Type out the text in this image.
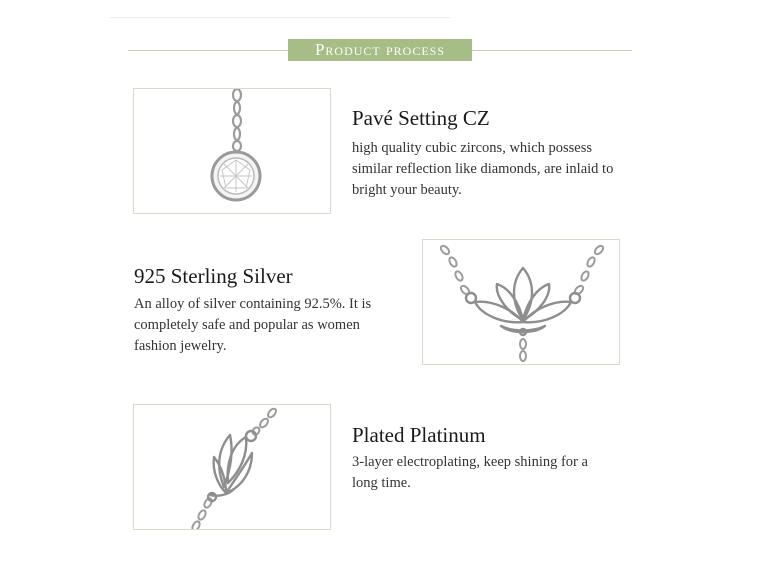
Product process
Pavé Setting CZ
high quality cubic zircons, which possess similar reflection like diamonds, are inlaid to bright your beauty.
925 Sterling Silver
An alloy of silver containing 92.5%. It is completely safe and popular as women fashion jewelry.
Plated Platinum
3-layer electroplating, keep shining for a long time.
